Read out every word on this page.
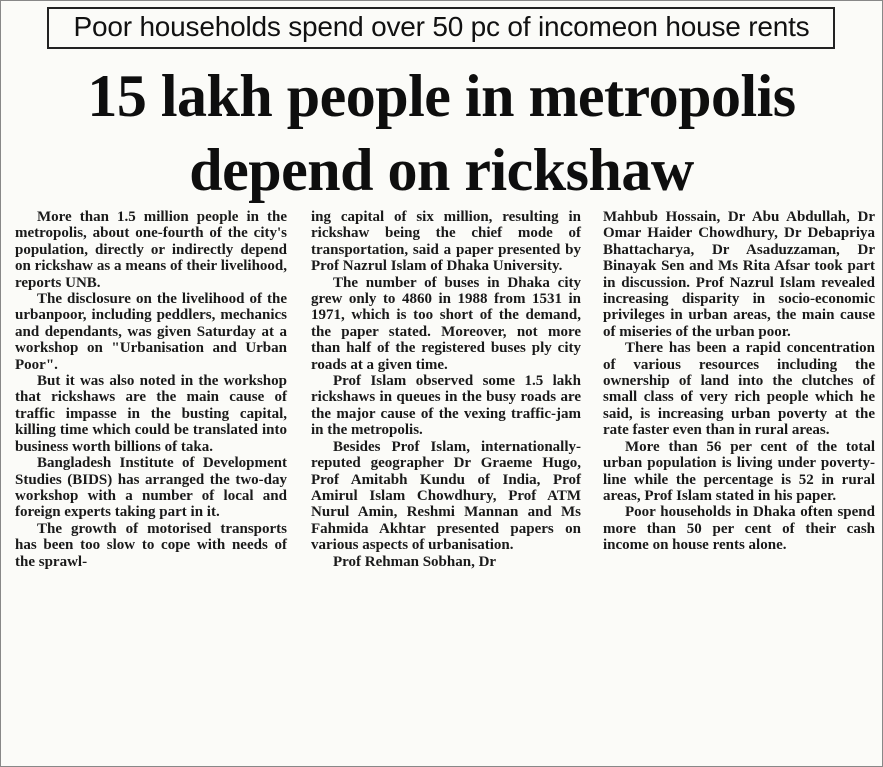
Poor households spend over 50 pc of incomeon house rents
15 lakh people in metropolis
depend on rickshaw

More than 1.5 million people in the metropolis, about one-fourth of the city's population, directly or indirectly depend on rickshaw as a means of their livelihood, reports UNB.

The disclosure on the livelihood of the urbanpoor, including peddlers, mechanics and dependants, was given Saturday at a workshop on "Urbanisation and Urban Poor".

But it was also noted in the workshop that rickshaws are the main cause of traffic impasse in the busting capital, killing time which could be translated into business worth billions of taka.

Bangladesh Institute of Development Studies (BIDS) has arranged the two-day workshop with a number of local and foreign experts taking part in it.

The growth of motorised transports has been too slow to cope with needs of the sprawl-

ing capital of six million, resulting in rickshaw being the chief mode of transportation, said a paper presented by Prof Nazrul Islam of Dhaka University.

The number of buses in Dhaka city grew only to 4860 in 1988 from 1531 in 1971, which is too short of the demand, the paper stated. Moreover, not more than half of the registered buses ply city roads at a given time.

Prof Islam observed some 1.5 lakh rickshaws in queues in the busy roads are the major cause of the vexing traffic-jam in the metropolis.

Besides Prof Islam, internationally-reputed geographer Dr Graeme Hugo, Prof Amitabh Kundu of India, Prof Amirul Islam Chowdhury, Prof ATM Nurul Amin, Reshmi Mannan and Ms Fahmida Akhtar presented papers on various aspects of urbanisation.

Prof Rehman Sobhan, Dr

Mahbub Hossain, Dr Abu Abdullah, Dr Omar Haider Chowdhury, Dr Debapriya Bhattacharya, Dr Asaduzzaman, Dr Binayak Sen and Ms Rita Afsar took part in discussion. Prof Nazrul Islam revealed increasing disparity in socio-economic privileges in urban areas, the main cause of miseries of the urban poor.

There has been a rapid concentration of various resources including the ownership of land into the clutches of small class of very rich people which he said, is increasing urban poverty at the rate faster even than in rural areas.

More than 56 per cent of the total urban population is living under poverty-line while the percentage is 52 in rural areas, Prof Islam stated in his paper.

Poor households in Dhaka often spend more than 50 per cent of their cash income on house rents alone.
